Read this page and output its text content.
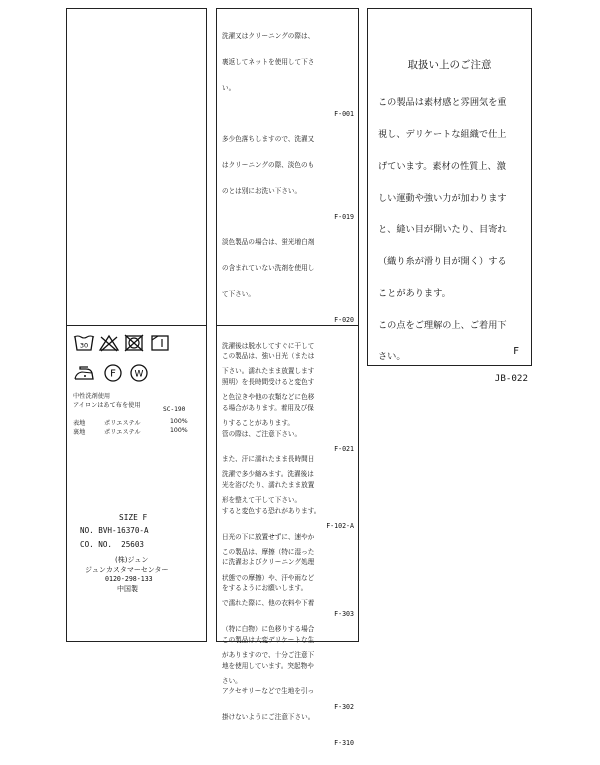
30
F W
中性洗剤使用
アイロンはあて布を使用
SC-190
表地	ポリエステル	100%
裏地	ポリエステル	100%
SIZE F
NO. BVH-16370-A
CO. NO.  25603
(株)ジュン
ジュンカスタマーセンター
0120-298-133
中国製

洗濯又はクリーニングの際は、

裏返してネットを使用して下さ

い。

F-001

多少色落ちしますので、洗濯又

はクリーニングの際、淡色のも

のとは別にお洗い下さい。

F-019

淡色製品の場合は、蛍光増白剤

の含まれていない洗剤を使用し

て下さい。

F-020

洗濯後は脱水してすぐに干して

下さい。濡れたまま放置します

と色泣きや他の衣類などに色移

りすることがあります。

F-021

洗濯で多少縮みます。洗濯後は

形を整えて干して下さい。

F-102-A

この製品は、摩擦（特に湿った

状態での摩擦）や、汗や雨など

で濡れた際に、他の衣料や下着

（特に白物）に色移りする場合

がありますので、十分ご注意下

さい。

F-302

この製品は、強い日光（または

照明）を長時間受けると変色す

る場合があります。着用及び保

管の際は、ご注意下さい。

また、汗に濡れたまま長時間日

光を浴びたり、濡れたまま放置

すると変色する恐れがあります。

日光の下に放置せずに、速やか

に洗濯およびクリーニング処理

をするようにお願いします。

F-303

この製品は大変デリケートな生

地を使用しています。突起物や

アクセサリーなどで生地を引っ

掛けないようにご注意下さい。

F-310

取扱い上のご注意

この製品は素材感と雰囲気を重

視し、デリケートな組織で仕上

げています。素材の性質上、激

しい運動や強い力が加わります

と、縫い目が開いたり、目寄れ

（織り糸が滑り目が開く）する

ことがあります。

この点をご理解の上、ご着用下

さい。

JB-022

F
